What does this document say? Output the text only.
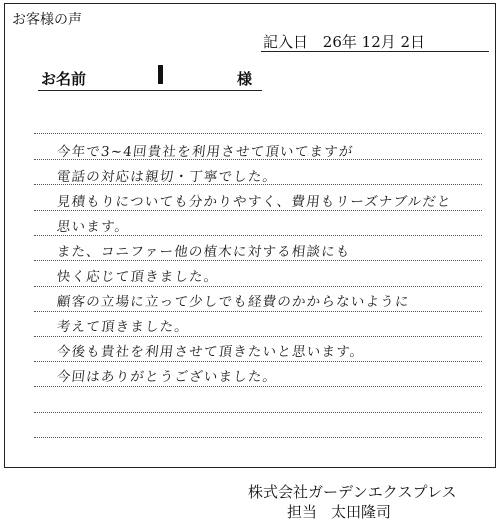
お客様の声
記入日 26年 12月 2日
お名前	様
今年で3~4回貴社を利用させて頂いてますが
電話の対応は親切・丁寧でした。
見積もりについても分かりやすく、費用もリーズナブルだと
思います。
また、コニファー他の植木に対する相談にも
快く応じて頂きました。
顧客の立場に立って少しでも経費のかからないように
考えて頂きました。
今後も貴社を利用させて頂きたいと思います。
今回はありがとうございました。
株式会社ガーデンエクスプレス
担当 太田隆司
